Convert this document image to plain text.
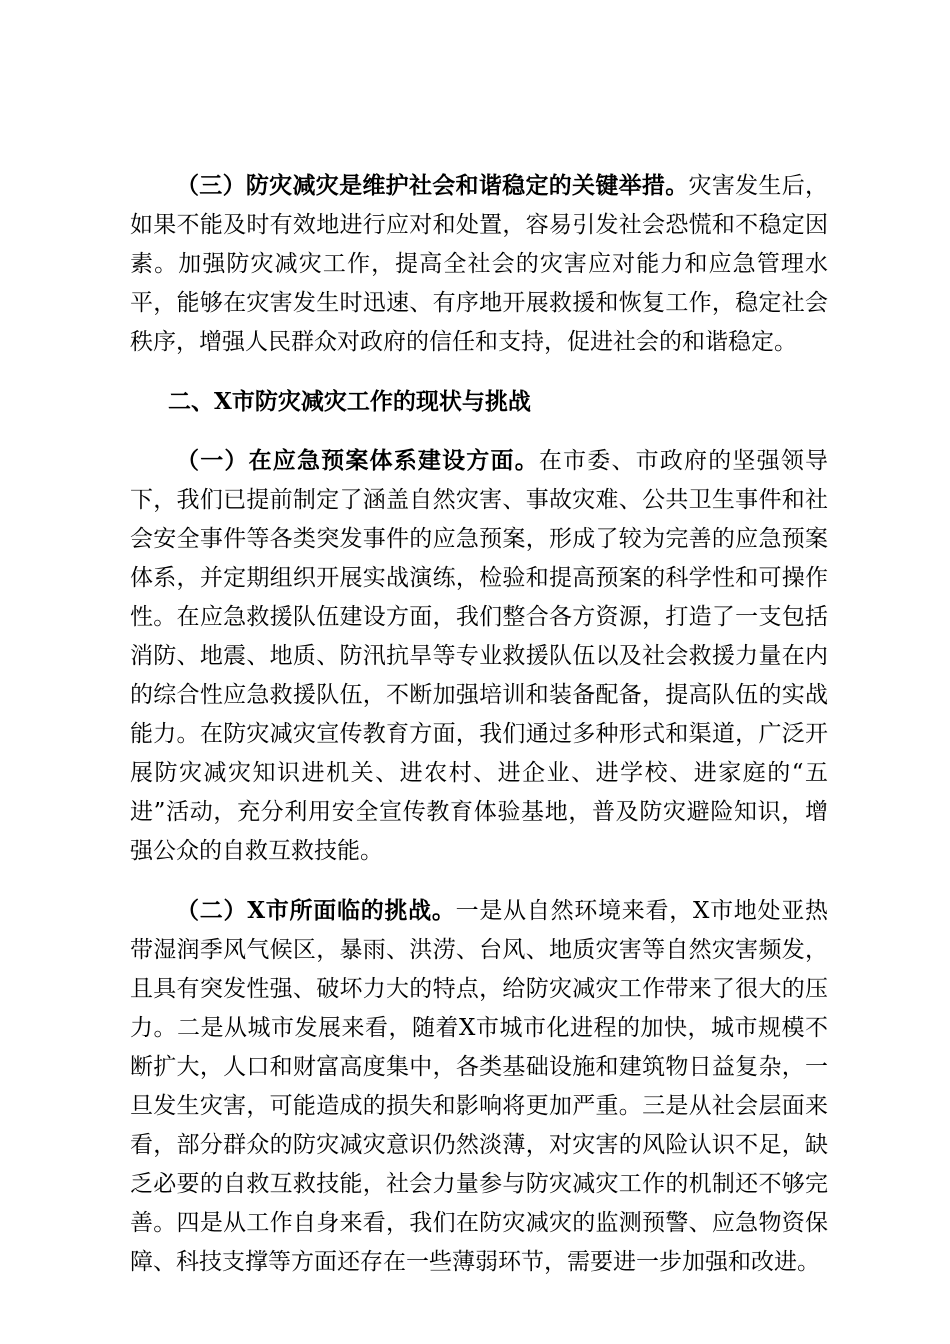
（三）防灾减灾是维护社会和谐稳定的关键举措。灾害发生后，如果不能及时有效地进行应对和处置，容易引发社会恐慌和不稳定因素。加强防灾减灾工作，提高全社会的灾害应对能力和应急管理水平，能够在灾害发生时迅速、有序地开展救援和恢复工作，稳定社会秩序，增强人民群众对政府的信任和支持，促进社会的和谐稳定。

二、X市防灾减灾工作的现状与挑战

（一）在应急预案体系建设方面。在市委、市政府的坚强领导下，我们已提前制定了涵盖自然灾害、事故灾难、公共卫生事件和社会安全事件等各类突发事件的应急预案，形成了较为完善的应急预案体系，并定期组织开展实战演练，检验和提高预案的科学性和可操作性。在应急救援队伍建设方面，我们整合各方资源，打造了一支包括消防、地震、地质、防汛抗旱等专业救援队伍以及社会救援力量在内的综合性应急救援队伍，不断加强培训和装备配备，提高队伍的实战能力。在防灾减灾宣传教育方面，我们通过多种形式和渠道，广泛开展防灾减灾知识进机关、进农村、进企业、进学校、进家庭的“五进”活动，充分利用安全宣传教育体验基地，普及防灾避险知识，增强公众的自救互救技能。

（二）X市所面临的挑战。一是从自然环境来看，X市地处亚热带湿润季风气候区，暴雨、洪涝、台风、地质灾害等自然灾害频发，且具有突发性强、破坏力大的特点，给防灾减灾工作带来了很大的压力。二是从城市发展来看，随着X市城市化进程的加快，城市规模不断扩大，人口和财富高度集中，各类基础设施和建筑物日益复杂，一旦发生灾害，可能造成的损失和影响将更加严重。三是从社会层面来看，部分群众的防灾减灾意识仍然淡薄，对灾害的风险认识不足，缺乏必要的自救互救技能，社会力量参与防灾减灾工作的机制还不够完善。四是从工作自身来看，我们在防灾减灾的监测预警、应急物资保障、科技支撑等方面还存在一些薄弱环节，需要进一步加强和改进。
